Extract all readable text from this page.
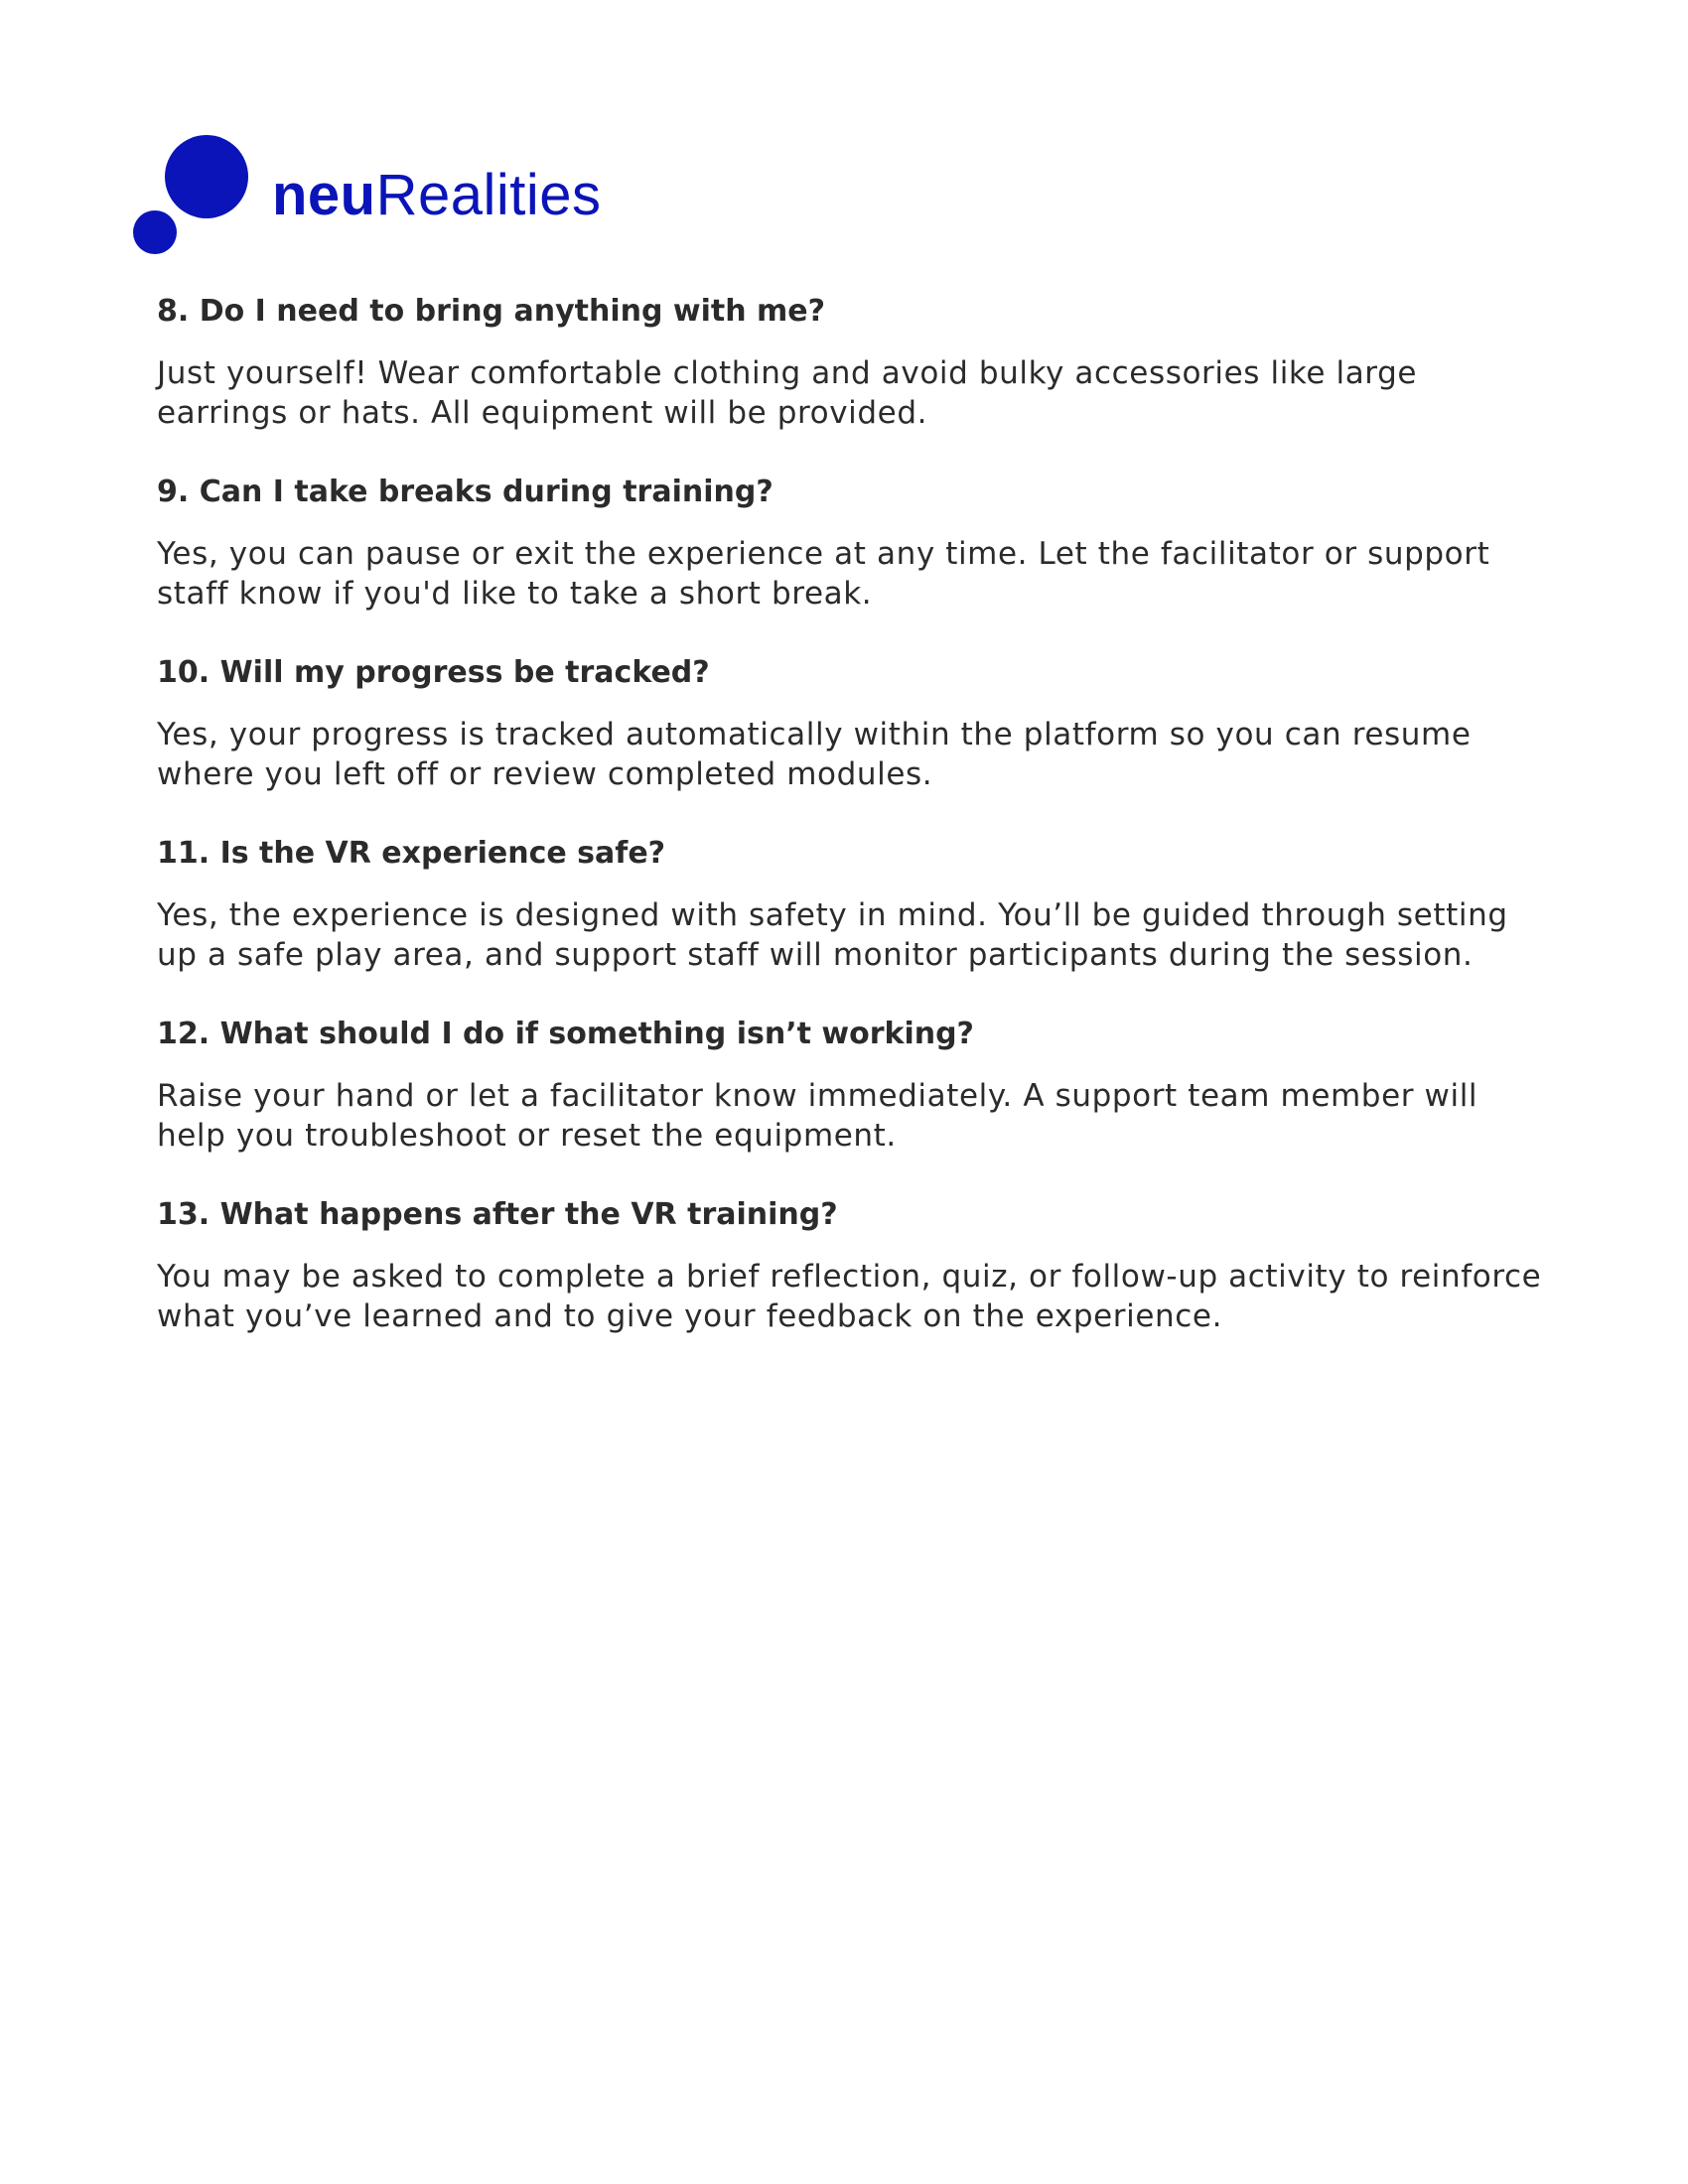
neuRealities
8. Do I need to bring anything with me?

Just yourself! Wear comfortable clothing and avoid bulky accessories like large earrings or hats. All equipment will be provided.

9. Can I take breaks during training?

Yes, you can pause or exit the experience at any time. Let the facilitator or support staff know if you'd like to take a short break.

10. Will my progress be tracked?

Yes, your progress is tracked automatically within the platform so you can resume where you left off or review completed modules.

11. Is the VR experience safe?

Yes, the experience is designed with safety in mind. You’ll be guided through setting up a safe play area, and support staff will monitor participants during the session.

12. What should I do if something isn’t working?

Raise your hand or let a facilitator know immediately. A support team member will help you troubleshoot or reset the equipment.

13. What happens after the VR training?

You may be asked to complete a brief reflection, quiz, or follow-up activity to reinforce what you’ve learned and to give your feedback on the experience.
